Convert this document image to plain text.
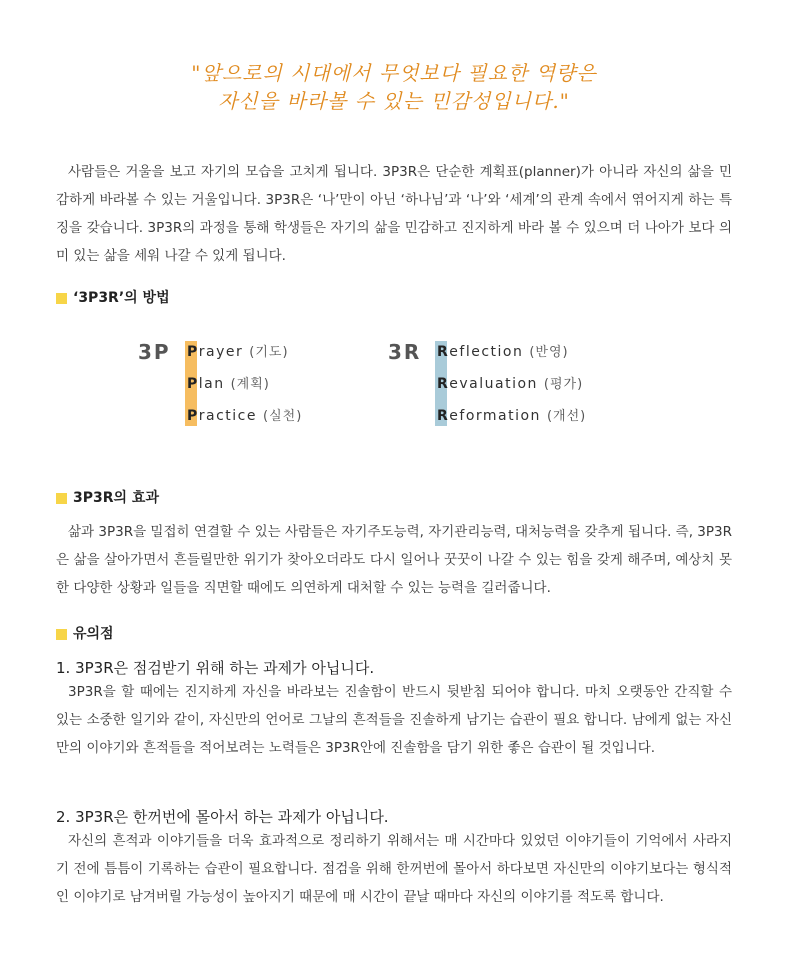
"앞으로의 시대에서 무엇보다 필요한 역량은
자신을 바라볼 수 있는 민감성입니다."

사람들은 거울을 보고 자기의 모습을 고치게 됩니다. 3P3R은 단순한 계획표(planner)가 아니라 자신의 삶을 민감하게 바라볼 수 있는 거울입니다. 3P3R은 ‘나’만이 아닌 ‘하나님’과 ‘나’와 ‘세계’의 관계 속에서 엮어지게 하는 특징을 갖습니다. 3P3R의 과정을 통해 학생들은 자기의 삶을 민감하고 진지하게 바라 볼 수 있으며 더 나아가 보다 의미 있는 삶을 세워 나갈 수 있게 됩니다.

‘3P3R’의 방법
3P Prayer (기도)
Plan (계획)
Practice (실천)
3R Reflection (반영)
Revaluation (평가)
Reformation (개선)
3P3R의 효과

삶과 3P3R을 밀접히 연결할 수 있는 사람들은 자기주도능력, 자기관리능력, 대처능력을 갖추게 됩니다. 즉, 3P3R은 삶을 살아가면서 흔들릴만한 위기가 찾아오더라도 다시 일어나 꿋꿋이 나갈 수 있는 힘을 갖게 해주며, 예상치 못한 다양한 상황과 일들을 직면할 때에도 의연하게 대처할 수 있는 능력을 길러줍니다.

유의점
1. 3P3R은 점검받기 위해 하는 과제가 아닙니다.

3P3R을 할 때에는 진지하게 자신을 바라보는 진솔함이 반드시 뒷받침 되어야 합니다. 마치 오랫동안 간직할 수 있는 소중한 일기와 같이, 자신만의 언어로 그날의 흔적들을 진솔하게 남기는 습관이 필요 합니다. 남에게 없는 자신만의 이야기와 흔적들을 적어보려는 노력들은 3P3R안에 진솔함을 담기 위한 좋은 습관이 될 것입니다.

2. 3P3R은 한꺼번에 몰아서 하는 과제가 아닙니다.

자신의 흔적과 이야기들을 더욱 효과적으로 정리하기 위해서는 매 시간마다 있었던 이야기들이 기억에서 사라지기 전에 틈틈이 기록하는 습관이 필요합니다. 점검을 위해 한꺼번에 몰아서 하다보면 자신만의 이야기보다는 형식적인 이야기로 남겨버릴 가능성이 높아지기 때문에 매 시간이 끝날 때마다 자신의 이야기를 적도록 합니다.
